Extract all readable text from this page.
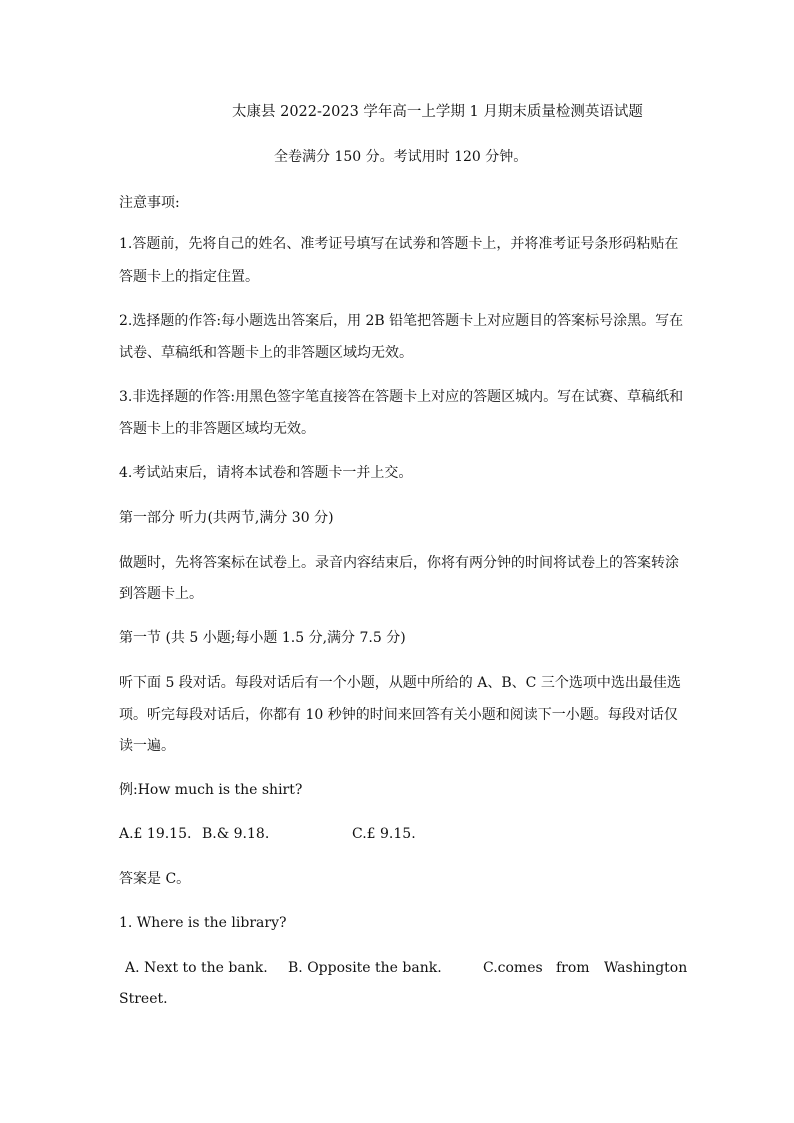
太康县 2022-2023 学年高一上学期 1 月期末质量检测英语试题
全卷满分 150 分。考试用时 120 分钟。
注意事项:
1.答题前，先将自己的姓名、准考证号填写在试劵和答题卡上，并将准考证号条形码粘贴在
答题卡上的指定住置。
2.选择题的作答:每小题选出答案后，用 2B 铅笔把答题卡上对应题目的答案标号涂黑。写在
试卷、草稿纸和答题卡上的非答题区域均无效。
3.非选择题的作答:用黑色签字笔直接答在答题卡上对应的答题区城内。写在试赛、草稿纸和
答题卡上的非答题区域均无效。
4.考试站束后，请将本试卷和答题卡一并上交。
第一部分 听力(共两节,满分 30 分)
做题时，先将答案标在试卷上。录音内容结束后，你将有两分钟的时间将试卷上的答案转涂
到答题卡上。
第一节 (共 5 小题;每小题 1.5 分,满分 7.5 分)
听下面 5 段对话。每段对话后有一个小题，从题中所给的 A、B、C 三个选项中选出最佳选
项。听完每段对话后，你都有 10 秒钟的时间来回答有关小题和阅读下一小题。每段对话仅
读一遍。
例:How much is the shirt?
A.£ 19.15. B.& 9.18.	C.£ 9.15.
答案是 C。
1. Where is the library?
A. Next to the bank. B. Opposite the bank.	C.comes from Washington
Street.
